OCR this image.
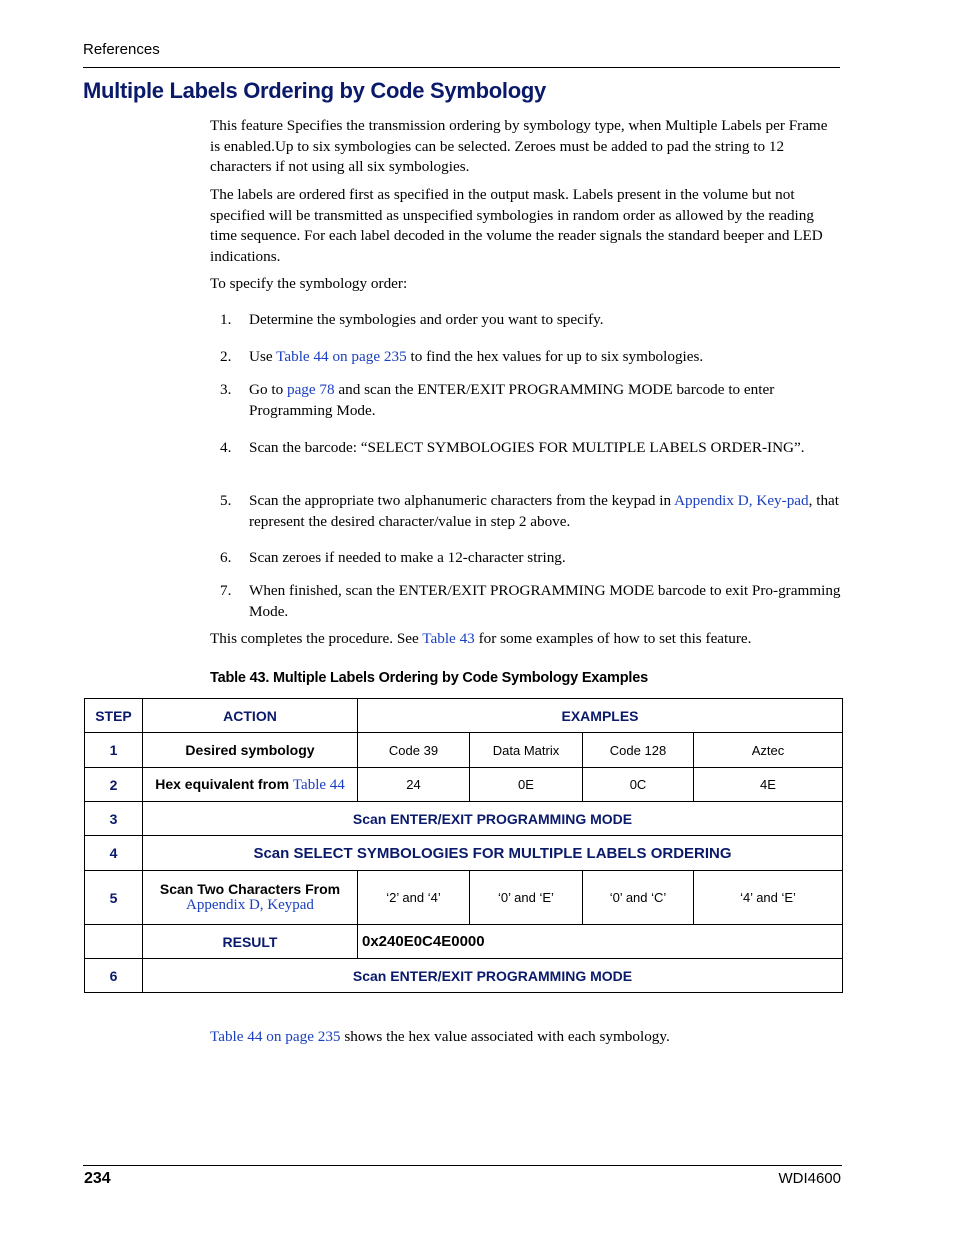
References
Multiple Labels Ordering by Code Symbology

This feature Specifies the transmission ordering by symbology type, when Multiple Labels per Frame is enabled.Up to six symbologies can be selected. Zeroes must be added to pad the string to 12 characters if not using all six symbologies.

The labels are ordered first as specified in the output mask. Labels present in the volume but not specified will be transmitted as unspecified symbologies in random order as allowed by the reading time sequence. For each label decoded in the volume the reader signals the standard beeper and LED indications.

To specify the symbology order:

1.	Determine the symbologies and order you want to specify.
2.	Use Table 44 on page 235 to find the hex values for up to six symbologies.
3.	Go to page 78 and scan the ENTER/EXIT PROGRAMMING MODE barcode to enter Programming Mode.
4.	Scan the barcode: “SELECT SYMBOLOGIES FOR MULTIPLE LABELS ORDER-ING”.
5.	Scan the appropriate two alphanumeric characters from the keypad in Appendix D, Key-pad, that represent the desired character/value in step 2 above.
6.	Scan zeroes if needed to make a 12-character string.
7.	When finished, scan the ENTER/EXIT PROGRAMMING MODE barcode to exit Pro-gramming Mode.

This completes the procedure. See Table 43 for some examples of how to set this feature.

Table 43. Multiple Labels Ordering by Code Symbology Examples
STEP	ACTION	EXAMPLES			
1	Desired symbology	Code 39	Data Matrix	Code 128	Aztec
2	Hex equivalent from Table 44	24	0E	0C	4E
3	Scan ENTER/EXIT PROGRAMMING MODE				
4	Scan SELECT SYMBOLOGIES FOR MULTIPLE LABELS ORDERING				
5	Scan Two Characters From
Appendix D, Keypad	‘2’ and ‘4’	‘0’ and ‘E’	‘0’ and ‘C’	‘4’ and ‘E’
	RESULT	0x240E0C4E0000			
6	Scan ENTER/EXIT PROGRAMMING MODE				
Table 44 on page 235 shows the hex value associated with each symbology.
234	WDI4600
